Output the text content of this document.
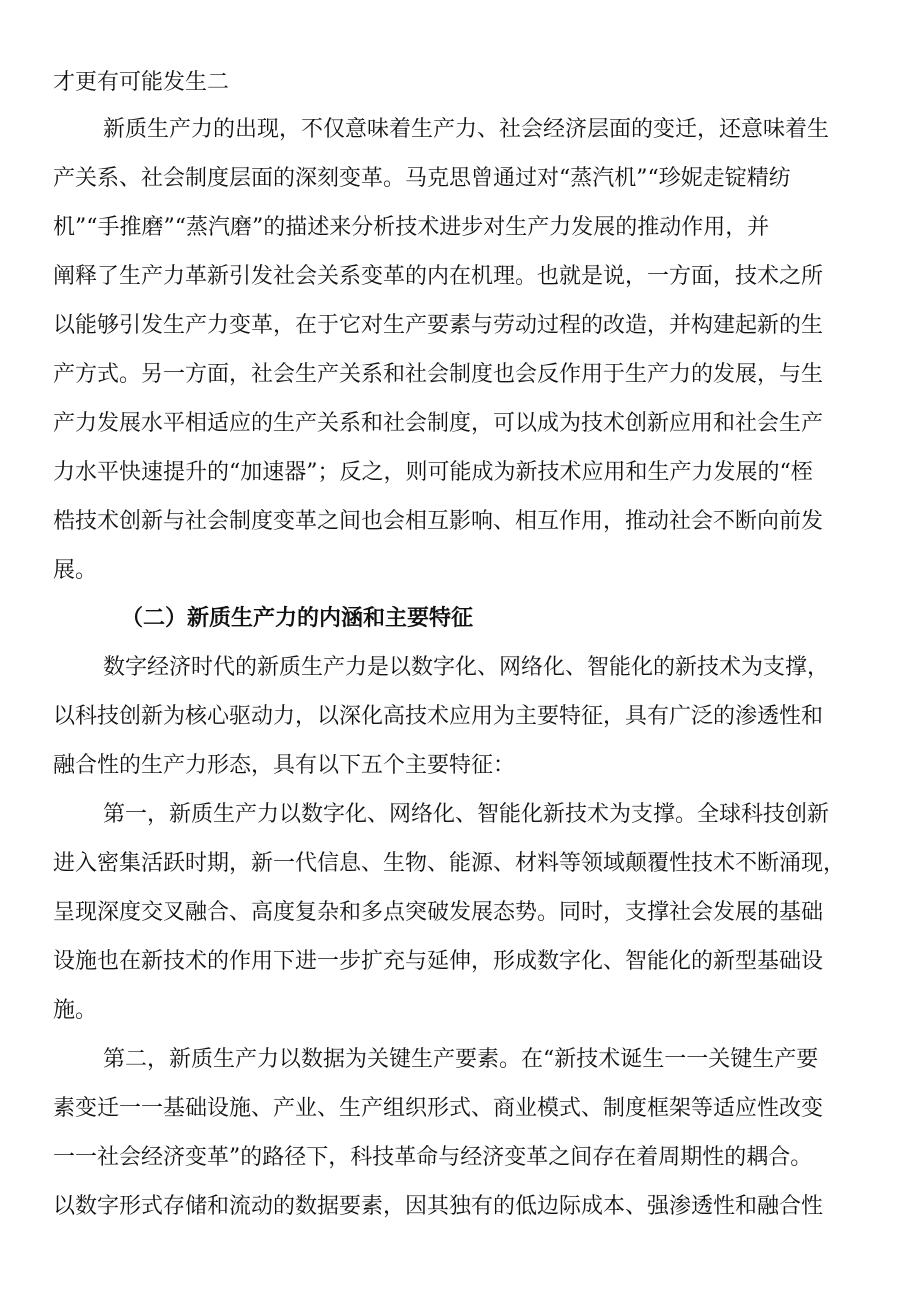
才更有可能发生二
新质生产力的出现，不仅意味着生产力、社会经济层面的变迁，还意味着生
产关系、社会制度层面的深刻变革。马克思曾通过对“蒸汽机”“珍妮走锭精纺
机”“手推磨”“蒸汽磨”的描述来分析技术进步对生产力发展的推动作用，并
阐释了生产力革新引发社会关系变革的内在机理。也就是说，一方面，技术之所
以能够引发生产力变革，在于它对生产要素与劳动过程的改造，并构建起新的生
产方式。另一方面，社会生产关系和社会制度也会反作用于生产力的发展，与生
产力发展水平相适应的生产关系和社会制度，可以成为技术创新应用和社会生产
力水平快速提升的“加速器”；反之，则可能成为新技术应用和生产力发展的“桎
梏技术创新与社会制度变革之间也会相互影响、相互作用，推动社会不断向前发
展。
（二）新质生产力的内涵和主要特征
数字经济时代的新质生产力是以数字化、网络化、智能化的新技术为支撑，
以科技创新为核心驱动力，以深化高技术应用为主要特征，具有广泛的渗透性和
融合性的生产力形态，具有以下五个主要特征：
第一，新质生产力以数字化、网络化、智能化新技术为支撑。全球科技创新
进入密集活跃时期，新一代信息、生物、能源、材料等领域颠覆性技术不断涌现，
呈现深度交叉融合、高度复杂和多点突破发展态势。同时，支撑社会发展的基础
设施也在新技术的作用下进一步扩充与延伸，形成数字化、智能化的新型基础设
施。
第二，新质生产力以数据为关键生产要素。在“新技术诞生一一关键生产要
素变迁一一基础设施、产业、生产组织形式、商业模式、制度框架等适应性改变
一一社会经济变革”的路径下，科技革命与经济变革之间存在着周期性的耦合。
以数字形式存储和流动的数据要素，因其独有的低边际成本、强渗透性和融合性
